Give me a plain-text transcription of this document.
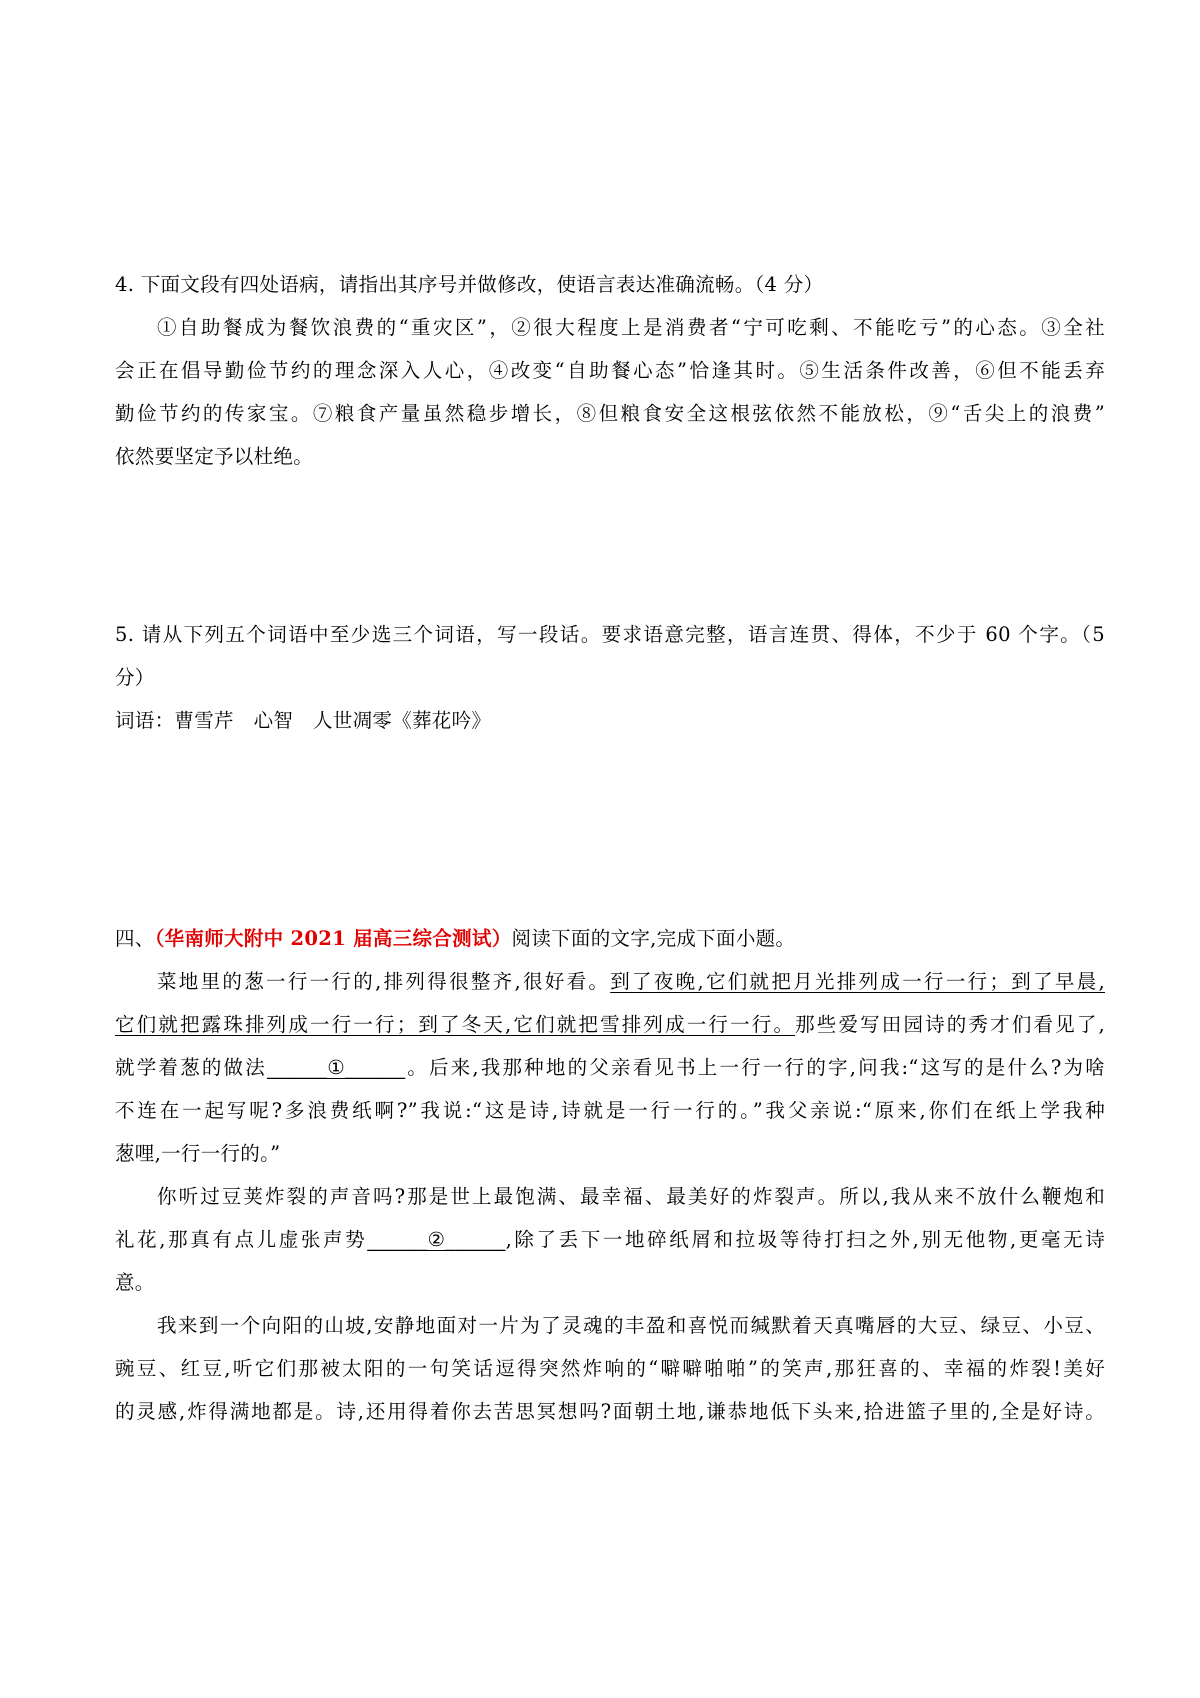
4. 下面文段有四处语病，请指出其序号并做修改，使语言表达准确流畅。（4 分）
①自助餐成为餐饮浪费的“重灾区”，②很大程度上是消费者“宁可吃剩、不能吃亏”的心态。③全社
会正在倡导勤俭节约的理念深入人心，④改变“自助餐心态”恰逢其时。⑤生活条件改善，⑥但不能丢弃
勤俭节约的传家宝。⑦粮食产量虽然稳步增长，⑧但粮食安全这根弦依然不能放松，⑨“舌尖上的浪费”
依然要坚定予以杜绝。
5. 请从下列五个词语中至少选三个词语，写一段话。要求语意完整，语言连贯、得体，不少于 60 个字。（5
分）
词语：曹雪芹　心智　人世凋零《葬花吟》
四、（华南师大附中 2021 届高三综合测试）阅读下面的文字,完成下面小题。
菜地里的葱一行一行的,排列得很整齐,很好看。到了夜晚,它们就把月光排列成一行一行；到了早晨,
它们就把露珠排列成一行一行；到了冬天,它们就把雪排列成一行一行。那些爱写田园诗的秀才们看见了,
就学着葱的做法______①______。后来,我那种地的父亲看见书上一行一行的字,问我:“这写的是什么?为啥
不连在一起写呢?多浪费纸啊?”我说:“这是诗,诗就是一行一行的。”我父亲说:“原来,你们在纸上学我种
葱哩,一行一行的。”
你听过豆荚炸裂的声音吗?那是世上最饱满、最幸福、最美好的炸裂声。所以,我从来不放什么鞭炮和
礼花,那真有点儿虚张声势______②______,除了丢下一地碎纸屑和拉圾等待打扫之外,别无他物,更毫无诗
意。
我来到一个向阳的山坡,安静地面对一片为了灵魂的丰盈和喜悦而缄默着天真嘴唇的大豆、绿豆、小豆、
豌豆、红豆,听它们那被太阳的一句笑话逗得突然炸响的“噼噼啪啪”的笑声,那狂喜的、幸福的炸裂!美好
的灵感,炸得满地都是。诗,还用得着你去苦思冥想吗?面朝土地,谦恭地低下头来,拾进篮子里的,全是好诗。
